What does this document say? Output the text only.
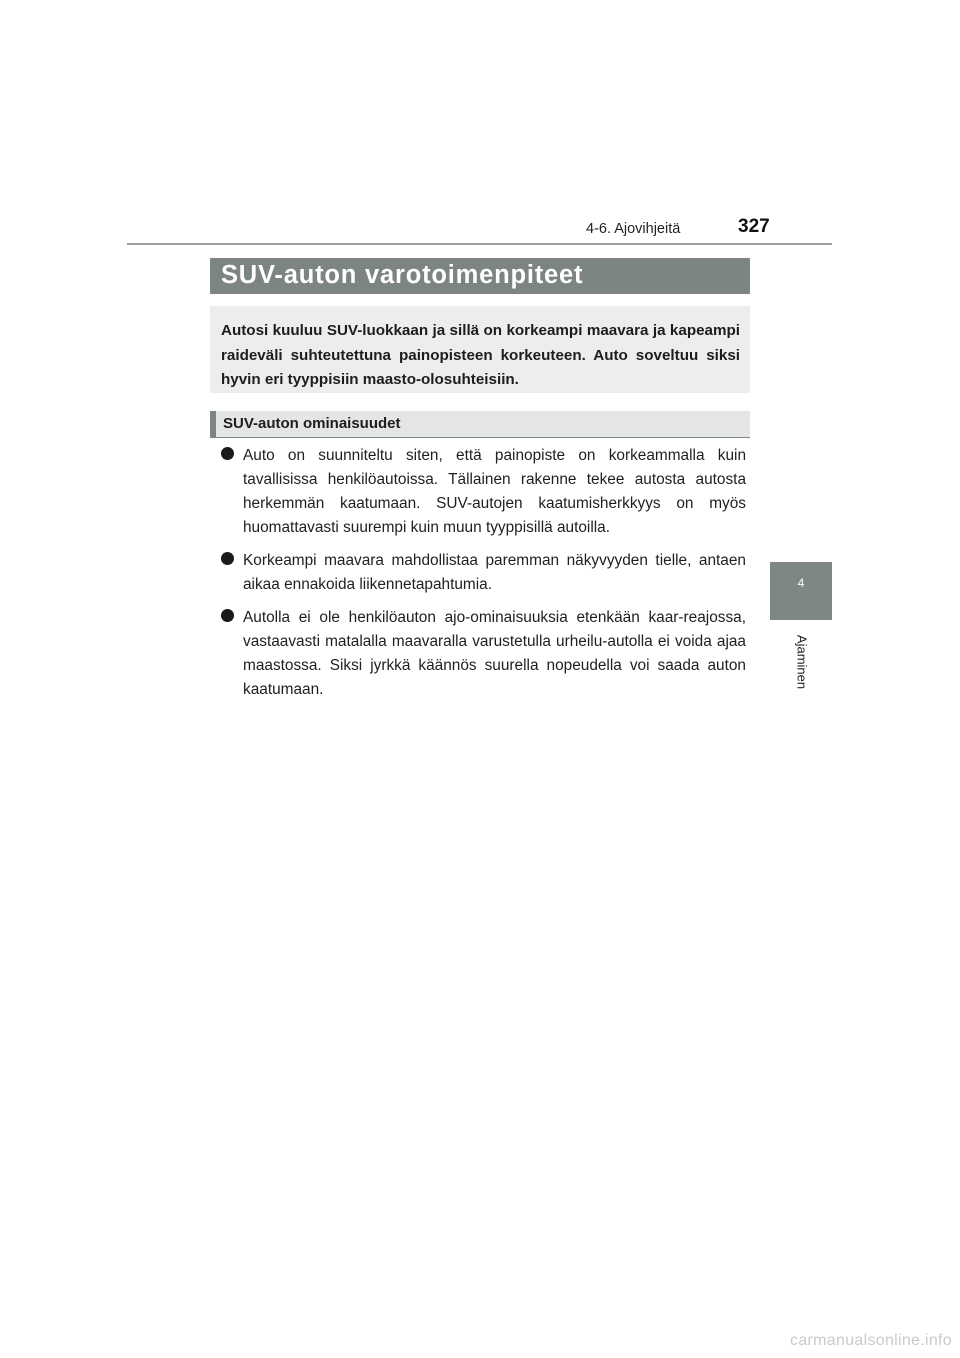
4-6. Ajovihjeitä	327
4
Ajaminen
SUV-auton varotoimenpiteet
Autosi kuuluu SUV-luokkaan ja sillä on korkeampi maavara ja kapeampi raideväli suhteutettuna painopisteen korkeuteen. Auto soveltuu siksi hyvin eri tyyppisiin maasto-olosuhteisiin.
SUV-auton ominaisuudet
Auto on suunniteltu siten, että painopiste on korkeammalla kuin tavallisissa henkilöautoissa. Tällainen rakenne tekee autosta autosta herkemmän kaatumaan. SUV-autojen kaatumisherkkyys on myös huomattavasti suurempi kuin muun tyyppisillä autoilla.
Korkeampi maavara mahdollistaa paremman näkyvyyden tielle, antaen aikaa ennakoida liikennetapahtumia.
Autolla ei ole henkilöauton ajo-ominaisuuksia etenkään kaar-reajossa, vastaavasti matalalla maavaralla varustetulla urheilu-autolla ei voida ajaa maastossa. Siksi jyrkkä käännös suurella nopeudella voi saada auton kaatumaan.
carmanualsonline.info
